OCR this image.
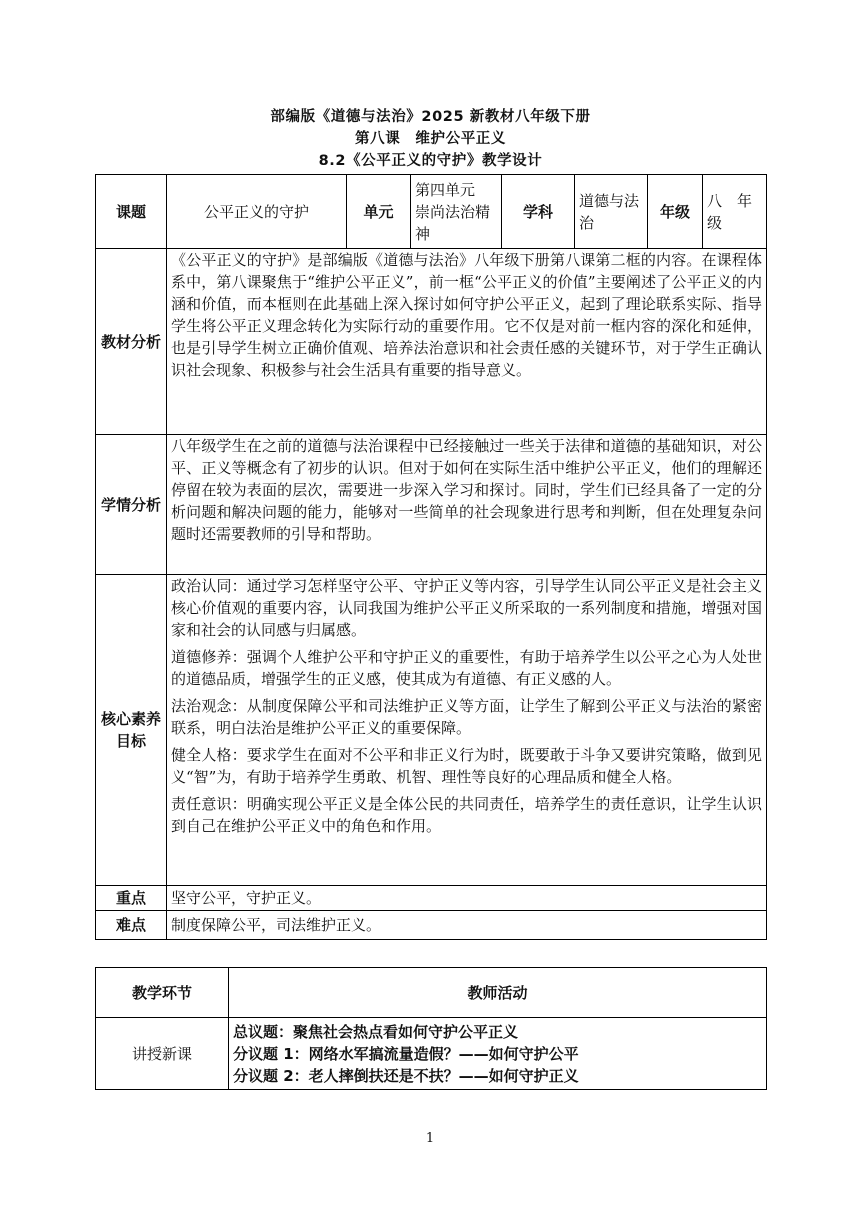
部编版《道德与法治》2025 新教材八年级下册
第八课　维护公平正义
8.2《公平正义的守护》教学设计
课题	公平正义的守护	单元	第四单元　崇尚法治精神	学科	道德与法治	年级	八　年级
教材分析	《公平正义的守护》是部编版《道德与法治》八年级下册第八课第二框的内容。在课程体系中，第八课聚焦于“维护公平正义”，前一框“公平正义的价值”主要阐述了公平正义的内涵和价值，而本框则在此基础上深入探讨如何守护公平正义，起到了理论联系实际、指导学生将公平正义理念转化为实际行动的重要作用。它不仅是对前一框内容的深化和延伸，也是引导学生树立正确价值观、培养法治意识和社会责任感的关键环节，对于学生正确认识社会现象、积极参与社会生活具有重要的指导意义。						
学情分析	八年级学生在之前的道德与法治课程中已经接触过一些关于法律和道德的基础知识，对公平、正义等概念有了初步的认识。但对于如何在实际生活中维护公平正义，他们的理解还停留在较为表面的层次，需要进一步深入学习和探讨。同时，学生们已经具备了一定的分析问题和解决问题的能力，能够对一些简单的社会现象进行思考和判断，但在处理复杂问题时还需要教师的引导和帮助。						
核心素养目标	政治认同：通过学习怎样坚守公平、守护正义等内容，引导学生认同公平正义是社会主义核心价值观的重要内容，认同我国为维护公平正义所采取的一系列制度和措施，增强对国家和社会的认同感与归属感。

道德修养：强调个人维护公平和守护正义的重要性，有助于培养学生以公平之心为人处世的道德品质，增强学生的正义感，使其成为有道德、有正义感的人。

法治观念：从制度保障公平和司法维护正义等方面，让学生了解到公平正义与法治的紧密联系，明白法治是维护公平正义的重要保障。

健全人格：要求学生在面对不公平和非正义行为时，既要敢于斗争又要讲究策略，做到见义“智”为，有助于培养学生勇敢、机智、理性等良好的心理品质和健全人格。

责任意识：明确实现公平正义是全体公民的共同责任，培养学生的责任意识，让学生认识到自己在维护公平正义中的角色和作用。						

重点	坚守公平，守护正义。						
难点	制度保障公平，司法维护正义。						
教学环节	教师活动
讲授新课	总议题：聚焦社会热点看如何守护公平正义
分议题 1：网络水军搞流量造假？——如何守护公平
分议题 2：老人摔倒扶还是不扶？——如何守护正义
1
